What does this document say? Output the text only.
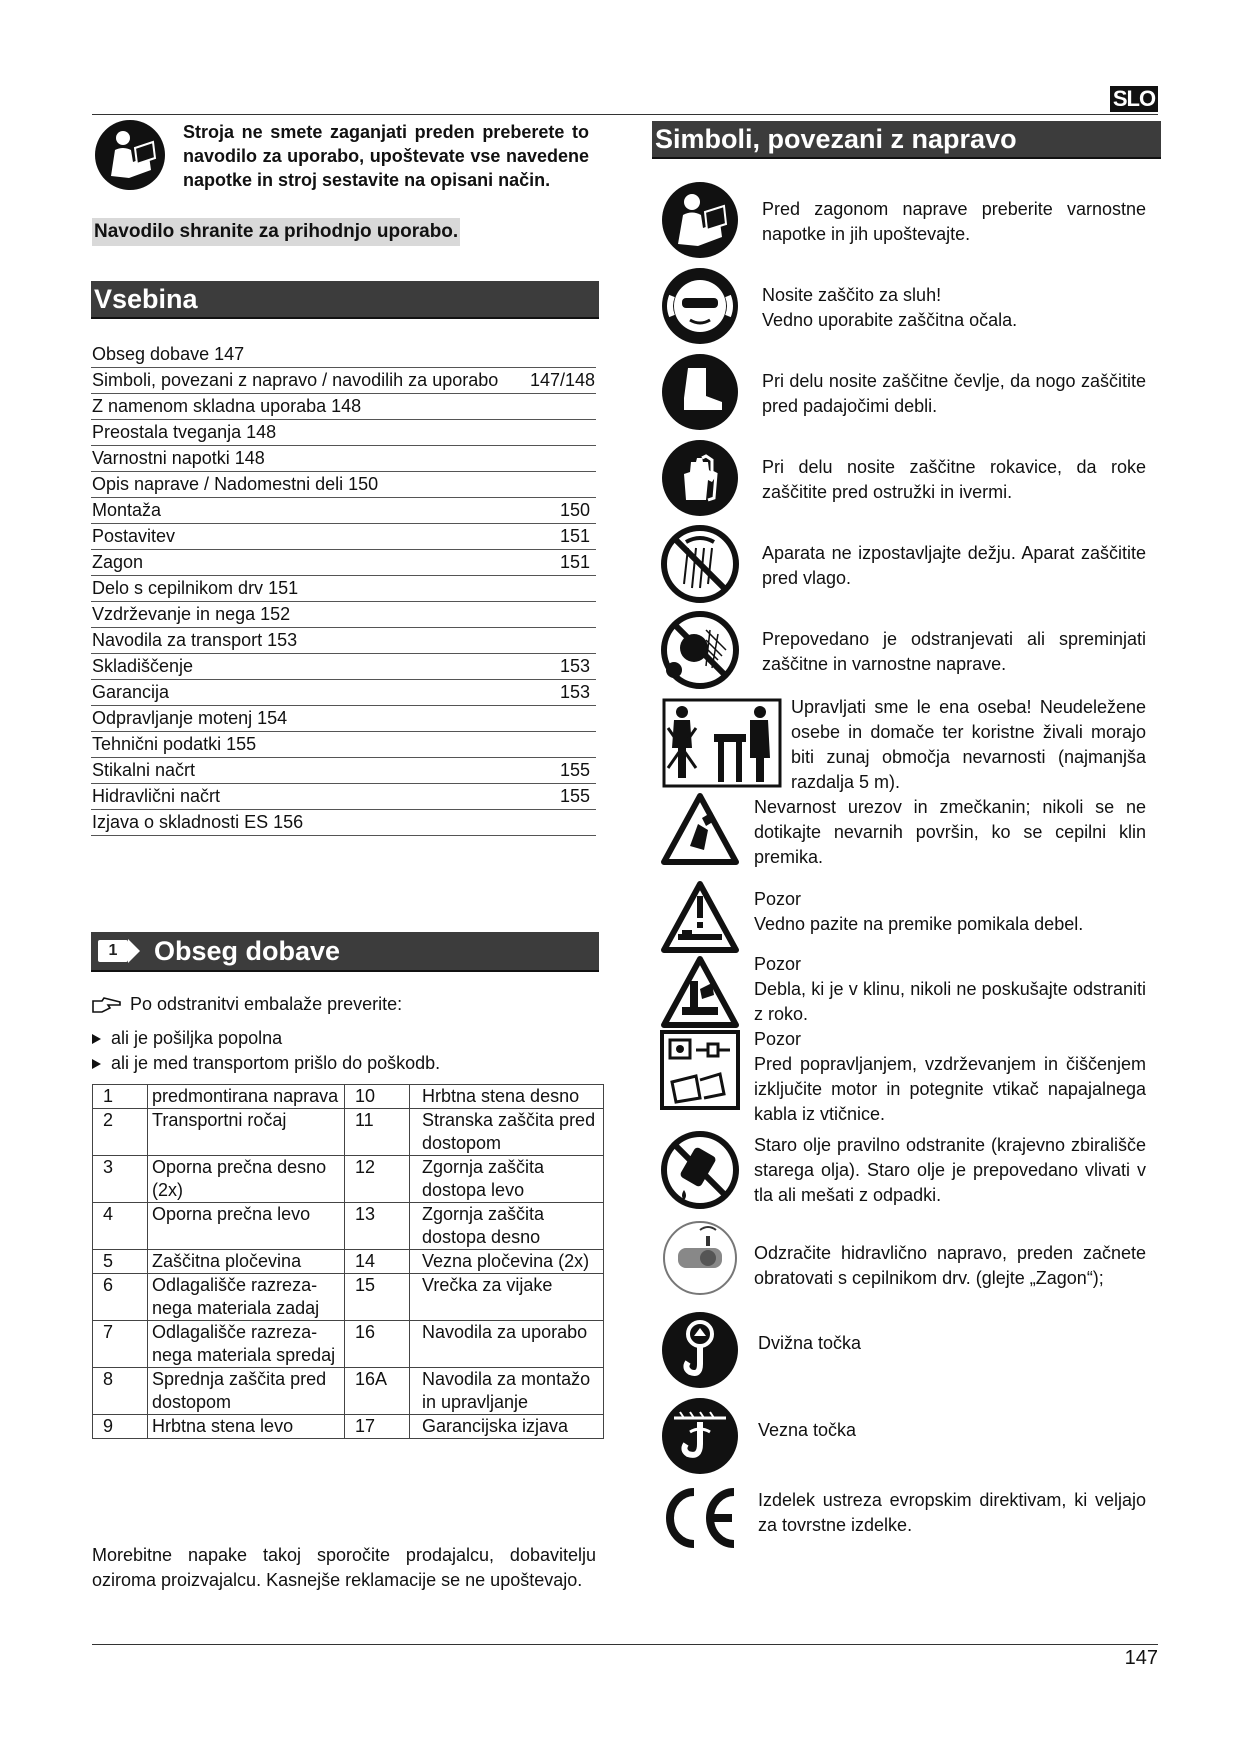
SLO
Stroja ne smete zaganjati preden preberete to navodilo za uporabo, upoštevate vse navedene napotke in stroj sestavite na opisani način.
Navodilo shranite za prihodnjo uporabo.
Vsebina
Obseg dobave 147
Simboli, povezani z napravo / navodilih za uporabo	147/148
Z namenom skladna uporaba 148
Preostala tveganja 148
Varnostni napotki 148
Opis naprave / Nadomestni deli 150
Montaža	150
Postavitev	151
Zagon	151
Delo s cepilnikom drv 151
Vzdrževanje in nega 152
Navodila za transport 153
Skladiščenje	153
Garancija	153
Odpravljanje motenj 154
Tehnični podatki 155
Stikalni načrt	155
Hidravlični načrt	155
Izjava o skladnosti ES 156
1	Obseg dobave
Po odstranitvi embalaže preverite:
ali je pošiljka popolna
ali je med transportom prišlo do poškodb.
1	predmontirana naprava	10	Hrbtna stena desno
2	Transportni ročaj	11	Stranska zaščita pred dostopom
3	Oporna prečna desno (2x)	12	Zgornja zaščita dostopa levo
4	Oporna prečna levo	13	Zgornja zaščita dostopa desno
5	Zaščitna pločevina	14	Vezna pločevina (2x)
6	Odlagališče razreza-nega materiala zadaj	15	Vrečka za vijake
7	Odlagališče razreza-nega materiala spredaj	16	Navodila za uporabo
8	Sprednja zaščita pred dostopom	16A	Navodila za montažo in upravljanje
9	Hrbtna stena levo	17	Garancijska izjava
Morebitne napake takoj sporočite prodajalcu, dobavitelju oziroma proizvajalcu. Kasnejše reklamacije se ne upoštevajo.
Simboli, povezani z napravo
Pred zagonom naprave preberite varnostne napotke in jih upoštevajte.
Nosite zaščito za sluh!
Vedno uporabite zaščitna očala.
Pri delu nosite zaščitne čevlje, da nogo zaščitite pred padajočimi debli.
Pri delu nosite zaščitne rokavice, da roke zaščitite pred ostružki in ivermi.
Aparata ne izpostavljajte dežju. Aparat zaščitite pred vlago.
Prepovedano je odstranjevati ali spreminjati zaščitne in varnostne naprave.
Upravljati sme le ena oseba! Neudeležene osebe in domače ter koristne živali morajo biti zunaj območja nevarnosti (najmanjša razdalja 5 m).
Nevarnost urezov in zmečkanin; nikoli se ne dotikajte nevarnih površin, ko se cepilni klin premika.
Pozor
Vedno pazite na premike pomikala debel.
Pozor
Debla, ki je v klinu, nikoli ne poskušajte odstraniti z roko.
Pozor
Pred popravljanjem, vzdrževanjem in čiščenjem izključite motor in potegnite vtikač napajalnega kabla iz vtičnice.
Staro olje pravilno odstranite (krajevno zbirališče starega olja). Staro olje je prepovedano vlivati v tla ali mešati z odpadki.
Odzračite hidravlično napravo, preden začnete obratovati s cepilnikom drv. (glejte „Zagon“);
Dvižna točka
Vezna točka
Izdelek ustreza evropskim direktivam, ki veljajo za tovrstne izdelke.
147
